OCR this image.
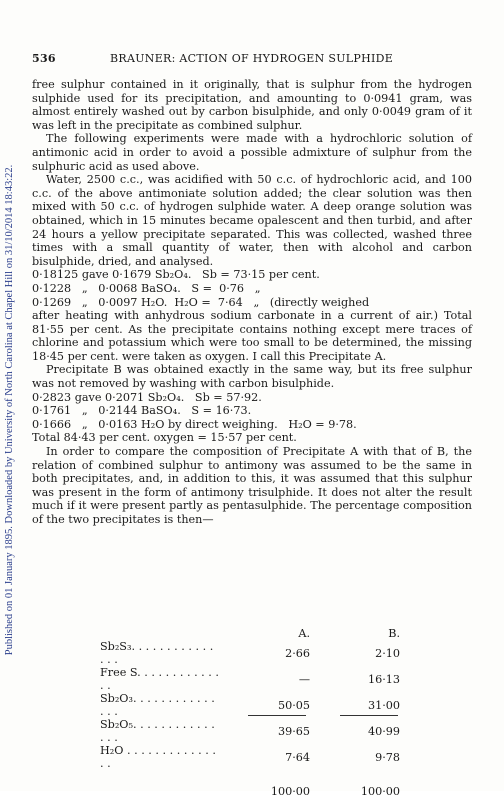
Published on 01 January 1895. Downloaded by University of North Carolina at Chapel Hill on 31/10/2014 18:43:22.
536	BRAUNER: ACTION OF HYDROGEN SULPHIDE

free sulphur contained in it originally, that is sulphur from the hydrogen sulphide used for its precipitation, and amounting to 0·0941 gram, was almost entirely washed out by carbon bisulphide, and only 0·0049 gram of it was left in the precipitate as combined sulphur.

The following experiments were made with a hydrochloric solution of antimonic acid in order to avoid a possible admixture of sulphur from the sulphuric acid as used above.

Water, 2500 c.c., was acidified with 50 c.c. of hydrochloric acid, and 100 c.c. of the above antimoniate solution added; the clear solution was then mixed with 50 c.c. of hydrogen sulphide water. A deep orange solution was obtained, which in 15 minutes became opalescent and then turbid, and after 24 hours a yellow precipitate separated. This was collected, washed three times with a small quantity of water, then with alcohol and carbon bisulphide, dried, and analysed.

0·18125 gave 0·1679 Sb₂O₄.   Sb = 73·15 per cent.

0·1228   „   0·0068 BaSO₄.   S =  0·76   „

0·1269   „   0·0097 H₂O.  H₂O =  7·64   „   (directly weighed

after heating with anhydrous sodium carbonate in a current of air.) Total 81·55 per cent. As the precipitate contains nothing except mere traces of chlorine and potassium which were too small to be determined, the missing 18·45 per cent. were taken as oxygen. I call this Precipitate A.

Precipitate B was obtained exactly in the same way, but its free sulphur was not removed by washing with carbon bisulphide.

0·2823 gave 0·2071 Sb₂O₄.   Sb = 57·92.

0·1761   „   0·2144 BaSO₄.   S = 16·73.

0·1666   „   0·0163 H₂O by direct weighing.   H₂O = 9·78.

Total 84·43 per cent. oxygen = 15·57 per cent.

In order to compare the composition of Precipitate A with that of B, the relation of combined sulphur to antimony was assumed to be the same in both precipitates, and, in addition to this, it was assumed that this sulphur was present in the form of antimony trisulphide. It does not alter the result much if it were present partly as pentasulphide. The percentage composition of the two precipitates is then—

	A.	B.
Sb₂S₃. . . . . . . . . . . . . . .	2·66	2·10
Free S. . . . . . . . . . . . . .	—	16·13
Sb₂O₃. . . . . . . . . . . . . . .	50·05	31·00
Sb₂O₅. . . . . . . . . . . . . . .	39·65	40·99
H₂O . . . . . . . . . . . . . . .	7·64	9·78

	100·00	100·00
